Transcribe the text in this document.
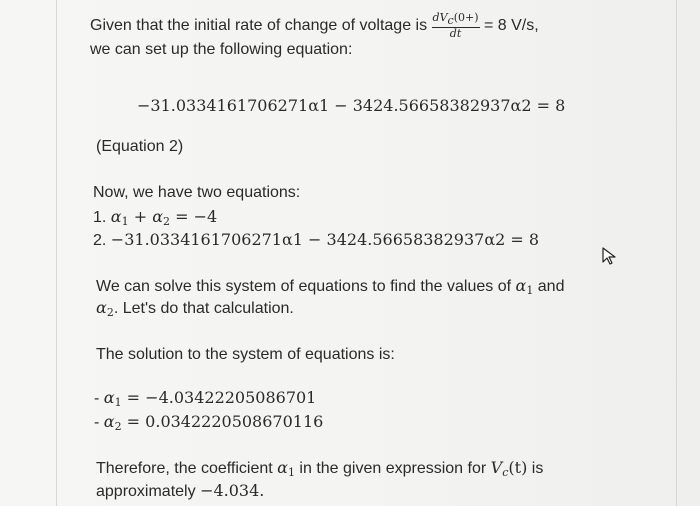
Given that the initial rate of change of voltage is $\frac{\text{dVc(0+)}}{dt} = 8$ V/s,
we can set up the following equation:
−31.0334161706271α1 − 3424.56658382937α2 = 8
(Equation 2)
Now, we have two equations:
1. $\alpha_1 + \alpha_2 = -4$
2. −31.0334161706271α1 − 3424.56658382937α2 = 8
We can solve this system of equations to find the values of $\alpha_1$ and
$\alpha_2$. Let's do that calculation.
The solution to the system of equations is:
- $\alpha_1 = -4.03422205086701$
- $\alpha_2 = 0.0342220508670116$
Therefore, the coefficient $\alpha_1$ in the given expression for $V_c(t)$ is
approximately −4.034.
